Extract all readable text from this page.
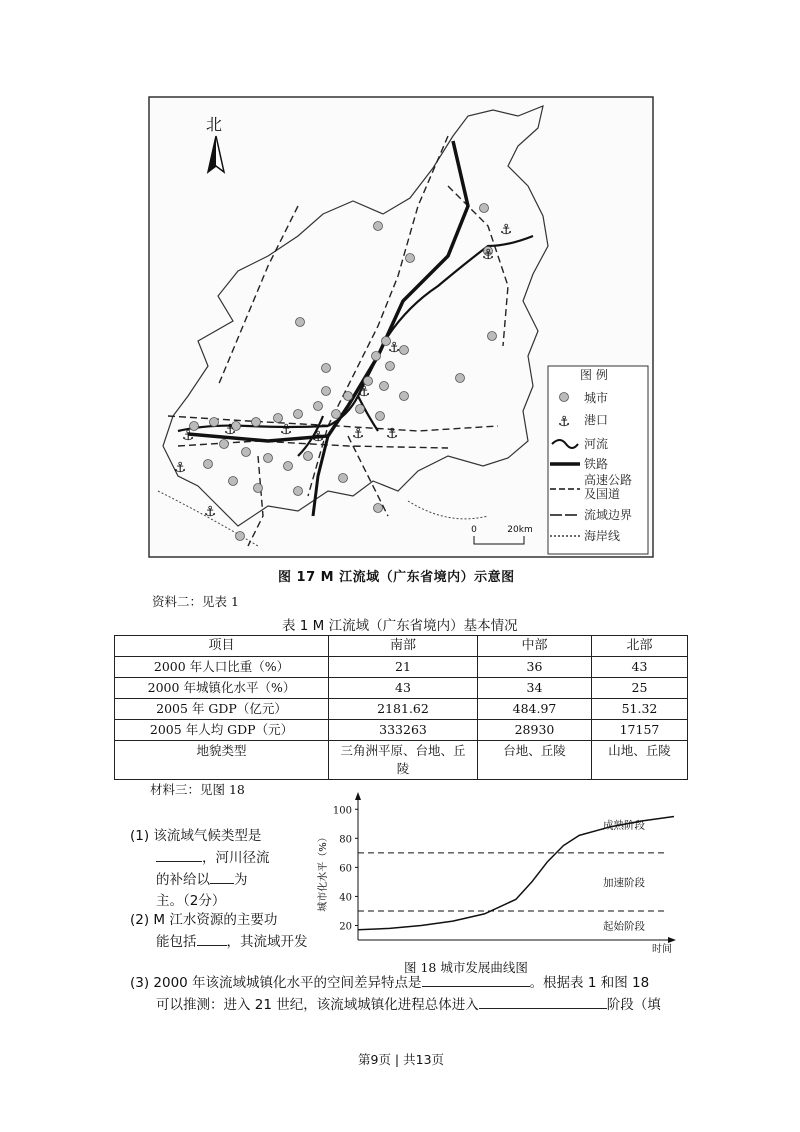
北
⚓
⚓
⚓
⚓
⚓ ⚓
⚓	⚓
⚓
⚓
⚓
⚓
图 例
城市
⚓ 港口
河流
铁路
高速公路
及国道
流域边界
海岸线
0	20km
图 17 M 江流域（广东省境内）示意图
资料二：见表 1
表 1 M 江流域（广东省境内）基本情况
项目	南部	中部	北部
2000 年人口比重（%）	21	36	43
2000 年城镇化水平（%）	43	34	25
2005 年 GDP（亿元）	2181.62	484.97	51.32
2005 年人均 GDP（元）	333263	28930	17157
地貌类型	三角洲平原、台地、丘陵	台地、丘陵	山地、丘陵
材料三：见图 18
(1) 该流域气候类型是
，河川径流
的补给以 为
主。（2分）
(2) M 江水资源的主要功
能包括 ，其流域开发
20
40
60
80
100
成熟阶段
加速阶段
起始阶段
城市化水平（%）
时间
图 18 城市发展曲线图
(3) 2000 年该流域城镇化水平的空间差异特点是	。根据表 1 和图 18
可以推测：进入 21 世纪，该流域城镇化进程总体进入	阶段（填
第9页 | 共13页
